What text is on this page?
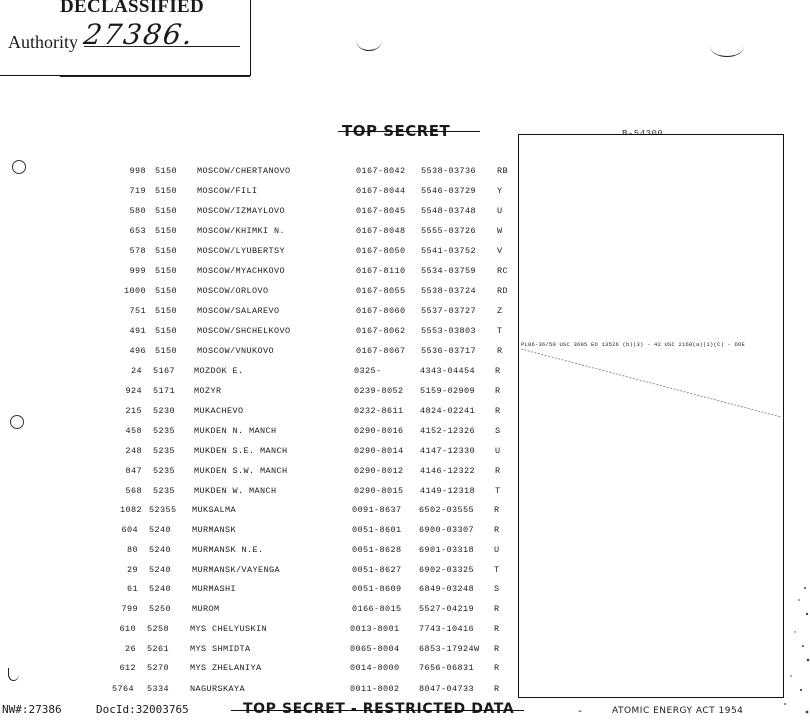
DECLASSIFIED
Authority 27386.
TOP SECRET
998 5150 MOSCOW/CHERTANOVO	0167-8042 5538-03736 RB
719 5150 MOSCOW/FILI	0167-8044 5546-03729 Y
580 5150 MOSCOW/IZMAYLOVO	0167-8045 5548-03748 U
653 5150 MOSCOW/KHIMKI N.	0167-8048 5555-03726 W
578 5150 MOSCOW/LYUBERTSY	0167-8050 5541-03752 V
999 5150 MOSCOW/MYACHKOVO	0167-8110 5534-03759 RC
1000 5150 MOSCOW/ORLOVO	0167-8055 5538-03724 RD
751 5150 MOSCOW/SALAREVO	0167-8060 5537-03727 Z
491 5150 MOSCOW/SHCHELKOVO	0167-8062 5553-03803 T
496 5150 MOSCOW/VNUKOVO	0167-8067 5536-03717 R
24 5167 MOZDOK E.	0325-	4343-04454 R
924 5171 MOZYR	0239-8052 5159-02909 R
215 5230 MUKACHEVO	0232-8611 4824-02241 R
458 5235 MUKDEN N. MANCH	0290-8016 4152-12326 S
248 5235 MUKDEN S.E. MANCH	0290-8014 4147-12330 U
847 5235 MUKDEN S.W. MANCH	0290-8012 4146-12322 R
568 5235 MUKDEN W. MANCH	0290-8015 4149-12318 T
1082 52355 MUKSALMA	0091-8637 6502-03555 R
604 5240 MURMANSK	0051-8601 6900-03307 R
80 5240 MURMANSK N.E.	0051-8628 6901-03318 U
29 5240 MURMANSK/VAYENGA	0051-8627 6902-03325 T
61 5240 MURMASHI	0051-8609 6849-03248 S
799 5250 MUROM	0166-8015 5527-04219 R
610 5258 MYS CHELYUSKIN	0013-8001 7743-10416 R
26 5261 MYS SHMIDTA	0065-8004 6853-17924W R
612 5270 MYS ZHELANIYA	0014-8000 7656-06831 R
5764 5334 NAGURSKAYA	0011-8002 8047-04733 R
PL86-36/50 USC 3605 EO 13526 (b)(3) - 42 USC 2168(a)(1)(C) - DOE
NW#:27386	DocId:32003765	TOP SECRET - RESTRICTED DATA	-	ATOMIC ENERGY ACT 1954
